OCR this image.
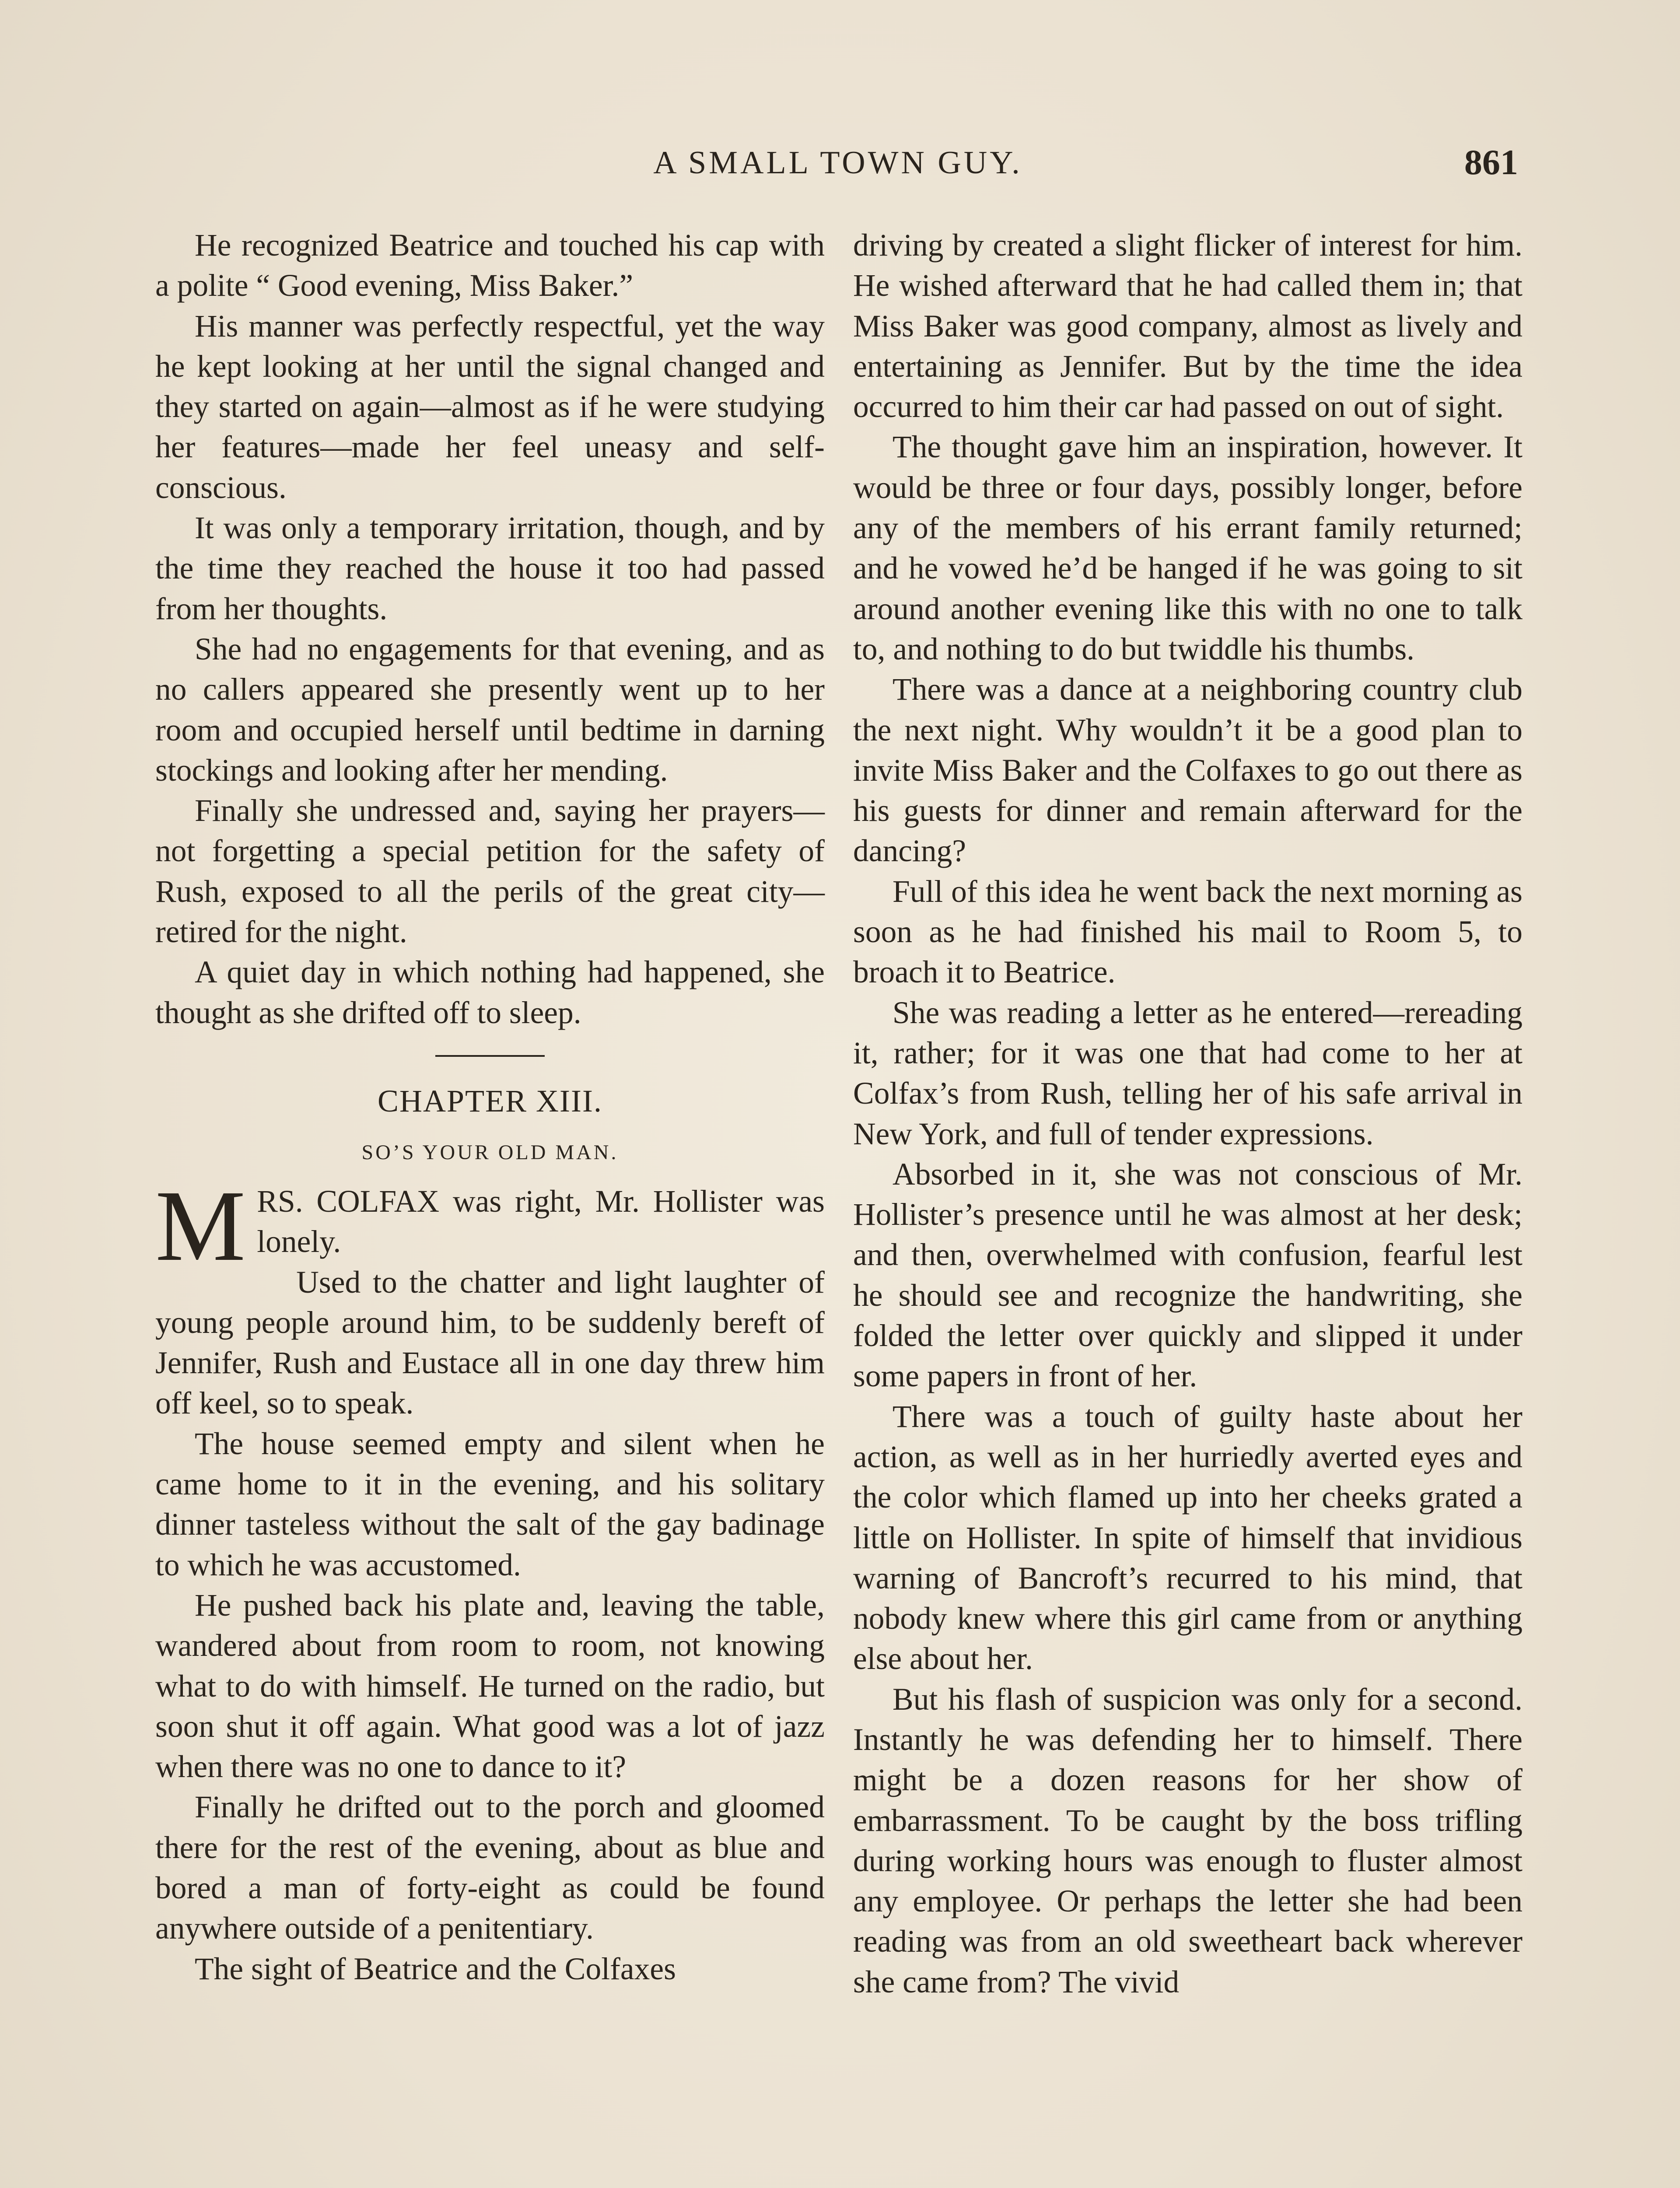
A SMALL TOWN GUY.	861

He recognized Beatrice and touched his cap with a polite “ Good evening, Miss Baker.”

His manner was perfectly respectful, yet the way he kept looking at her until the signal changed and they started on again—almost as if he were studying her features—made her feel uneasy and self-conscious.

It was only a temporary irritation, though, and by the time they reached the house it too had passed from her thoughts.

She had no engagements for that evening, and as no callers appeared she presently went up to her room and occupied herself until bedtime in darning stockings and looking after her mending.

Finally she undressed and, saying her prayers—not forgetting a special petition for the safety of Rush, exposed to all the perils of the great city—retired for the night.

A quiet day in which nothing had happened, she thought as she drifted off to sleep.

CHAPTER XIII.
SO’S YOUR OLD MAN.

MRS. COLFAX was right, Mr. Hollister was lonely.

Used to the chatter and light laughter of young people around him, to be suddenly bereft of Jennifer, Rush and Eustace all in one day threw him off keel, so to speak.

The house seemed empty and silent when he came home to it in the evening, and his solitary dinner tasteless without the salt of the gay badinage to which he was accustomed.

He pushed back his plate and, leaving the table, wandered about from room to room, not knowing what to do with himself. He turned on the radio, but soon shut it off again. What good was a lot of jazz when there was no one to dance to it?

Finally he drifted out to the porch and gloomed there for the rest of the evening, about as blue and bored a man of forty-eight as could be found anywhere outside of a penitentiary.

The sight of Beatrice and the Colfaxes

driving by created a slight flicker of interest for him. He wished afterward that he had called them in; that Miss Baker was good company, almost as lively and entertaining as Jennifer. But by the time the idea occurred to him their car had passed on out of sight.

The thought gave him an inspiration, however. It would be three or four days, possibly longer, before any of the members of his errant family returned; and he vowed he’d be hanged if he was going to sit around another evening like this with no one to talk to, and nothing to do but twiddle his thumbs.

There was a dance at a neighboring country club the next night. Why wouldn’t it be a good plan to invite Miss Baker and the Colfaxes to go out there as his guests for dinner and remain afterward for the dancing?

Full of this idea he went back the next morning as soon as he had finished his mail to Room 5, to broach it to Beatrice.

She was reading a letter as he entered—rereading it, rather; for it was one that had come to her at Colfax’s from Rush, telling her of his safe arrival in New York, and full of tender expressions.

Absorbed in it, she was not conscious of Mr. Hollister’s presence until he was almost at her desk; and then, overwhelmed with confusion, fearful lest he should see and recognize the handwriting, she folded the letter over quickly and slipped it under some papers in front of her.

There was a touch of guilty haste about her action, as well as in her hurriedly averted eyes and the color which flamed up into her cheeks grated a little on Hollister. In spite of himself that invidious warning of Bancroft’s recurred to his mind, that nobody knew where this girl came from or anything else about her.

But his flash of suspicion was only for a second. Instantly he was defending her to himself. There might be a dozen reasons for her show of embarrassment. To be caught by the boss trifling during working hours was enough to fluster almost any employee. Or perhaps the letter she had been reading was from an old sweetheart back wherever she came from? The vivid
